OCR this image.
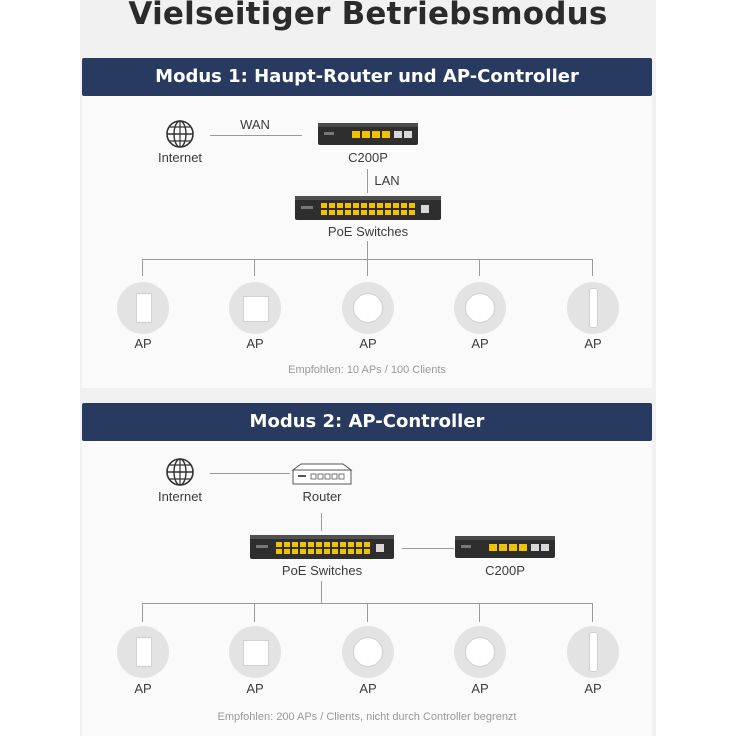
Vielseitiger Betriebsmodus
Modus 1: Haupt-Router und AP-Controller
Internet
WAN
C200P
LAN
PoE Switches
AP	AP	AP	AP	AP
Empfohlen: 10 APs / 100 Clients
Modus 2: AP-Controller
Internet	Router
PoE Switches	C200P
AP	AP	AP	AP	AP
Empfohlen: 200 APs / Clients, nicht durch Controller begrenzt
